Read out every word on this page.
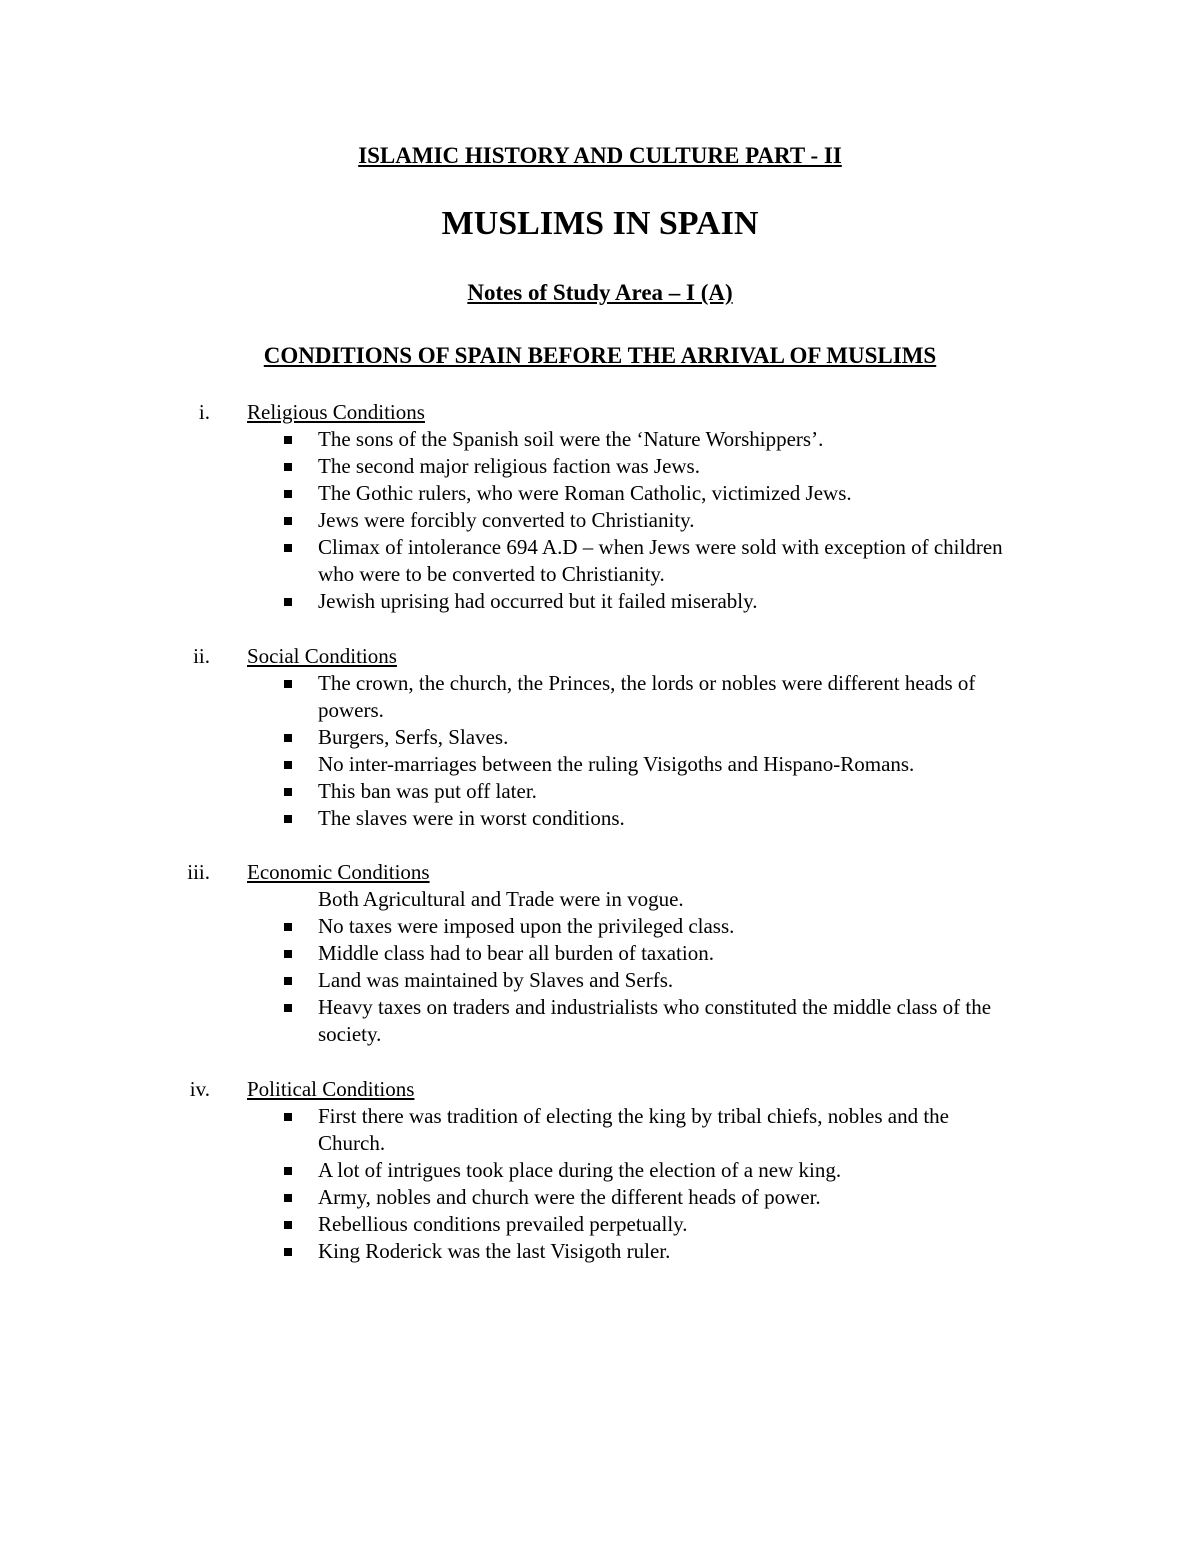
ISLAMIC HISTORY AND CULTURE PART - II
MUSLIMS IN SPAIN
Notes of Study Area – I (A)
CONDITIONS OF SPAIN BEFORE THE ARRIVAL OF MUSLIMS
i. Religious Conditions
The sons of the Spanish soil were the ‘Nature Worshippers’.
The second major religious faction was Jews.
The Gothic rulers, who were Roman Catholic, victimized Jews.
Jews were forcibly converted to Christianity.
Climax of intolerance 694 A.D – when Jews were sold with exception of children who were to be converted to Christianity.
Jewish uprising had occurred but it failed miserably.
ii. Social Conditions
The crown, the church, the Princes, the lords or nobles were different heads of powers.
Burgers, Serfs, Slaves.
No inter-marriages between the ruling Visigoths and Hispano-Romans.
This ban was put off later.
The slaves were in worst conditions.
iii. Economic Conditions
Both Agricultural and Trade were in vogue.
No taxes were imposed upon the privileged class.
Middle class had to bear all burden of taxation.
Land was maintained by Slaves and Serfs.
Heavy taxes on traders and industrialists who constituted the middle class of the society.
iv. Political Conditions
First there was tradition of electing the king by tribal chiefs, nobles and the Church.
A lot of intrigues took place during the election of a new king.
Army, nobles and church were the different heads of power.
Rebellious conditions prevailed perpetually.
King Roderick was the last Visigoth ruler.
